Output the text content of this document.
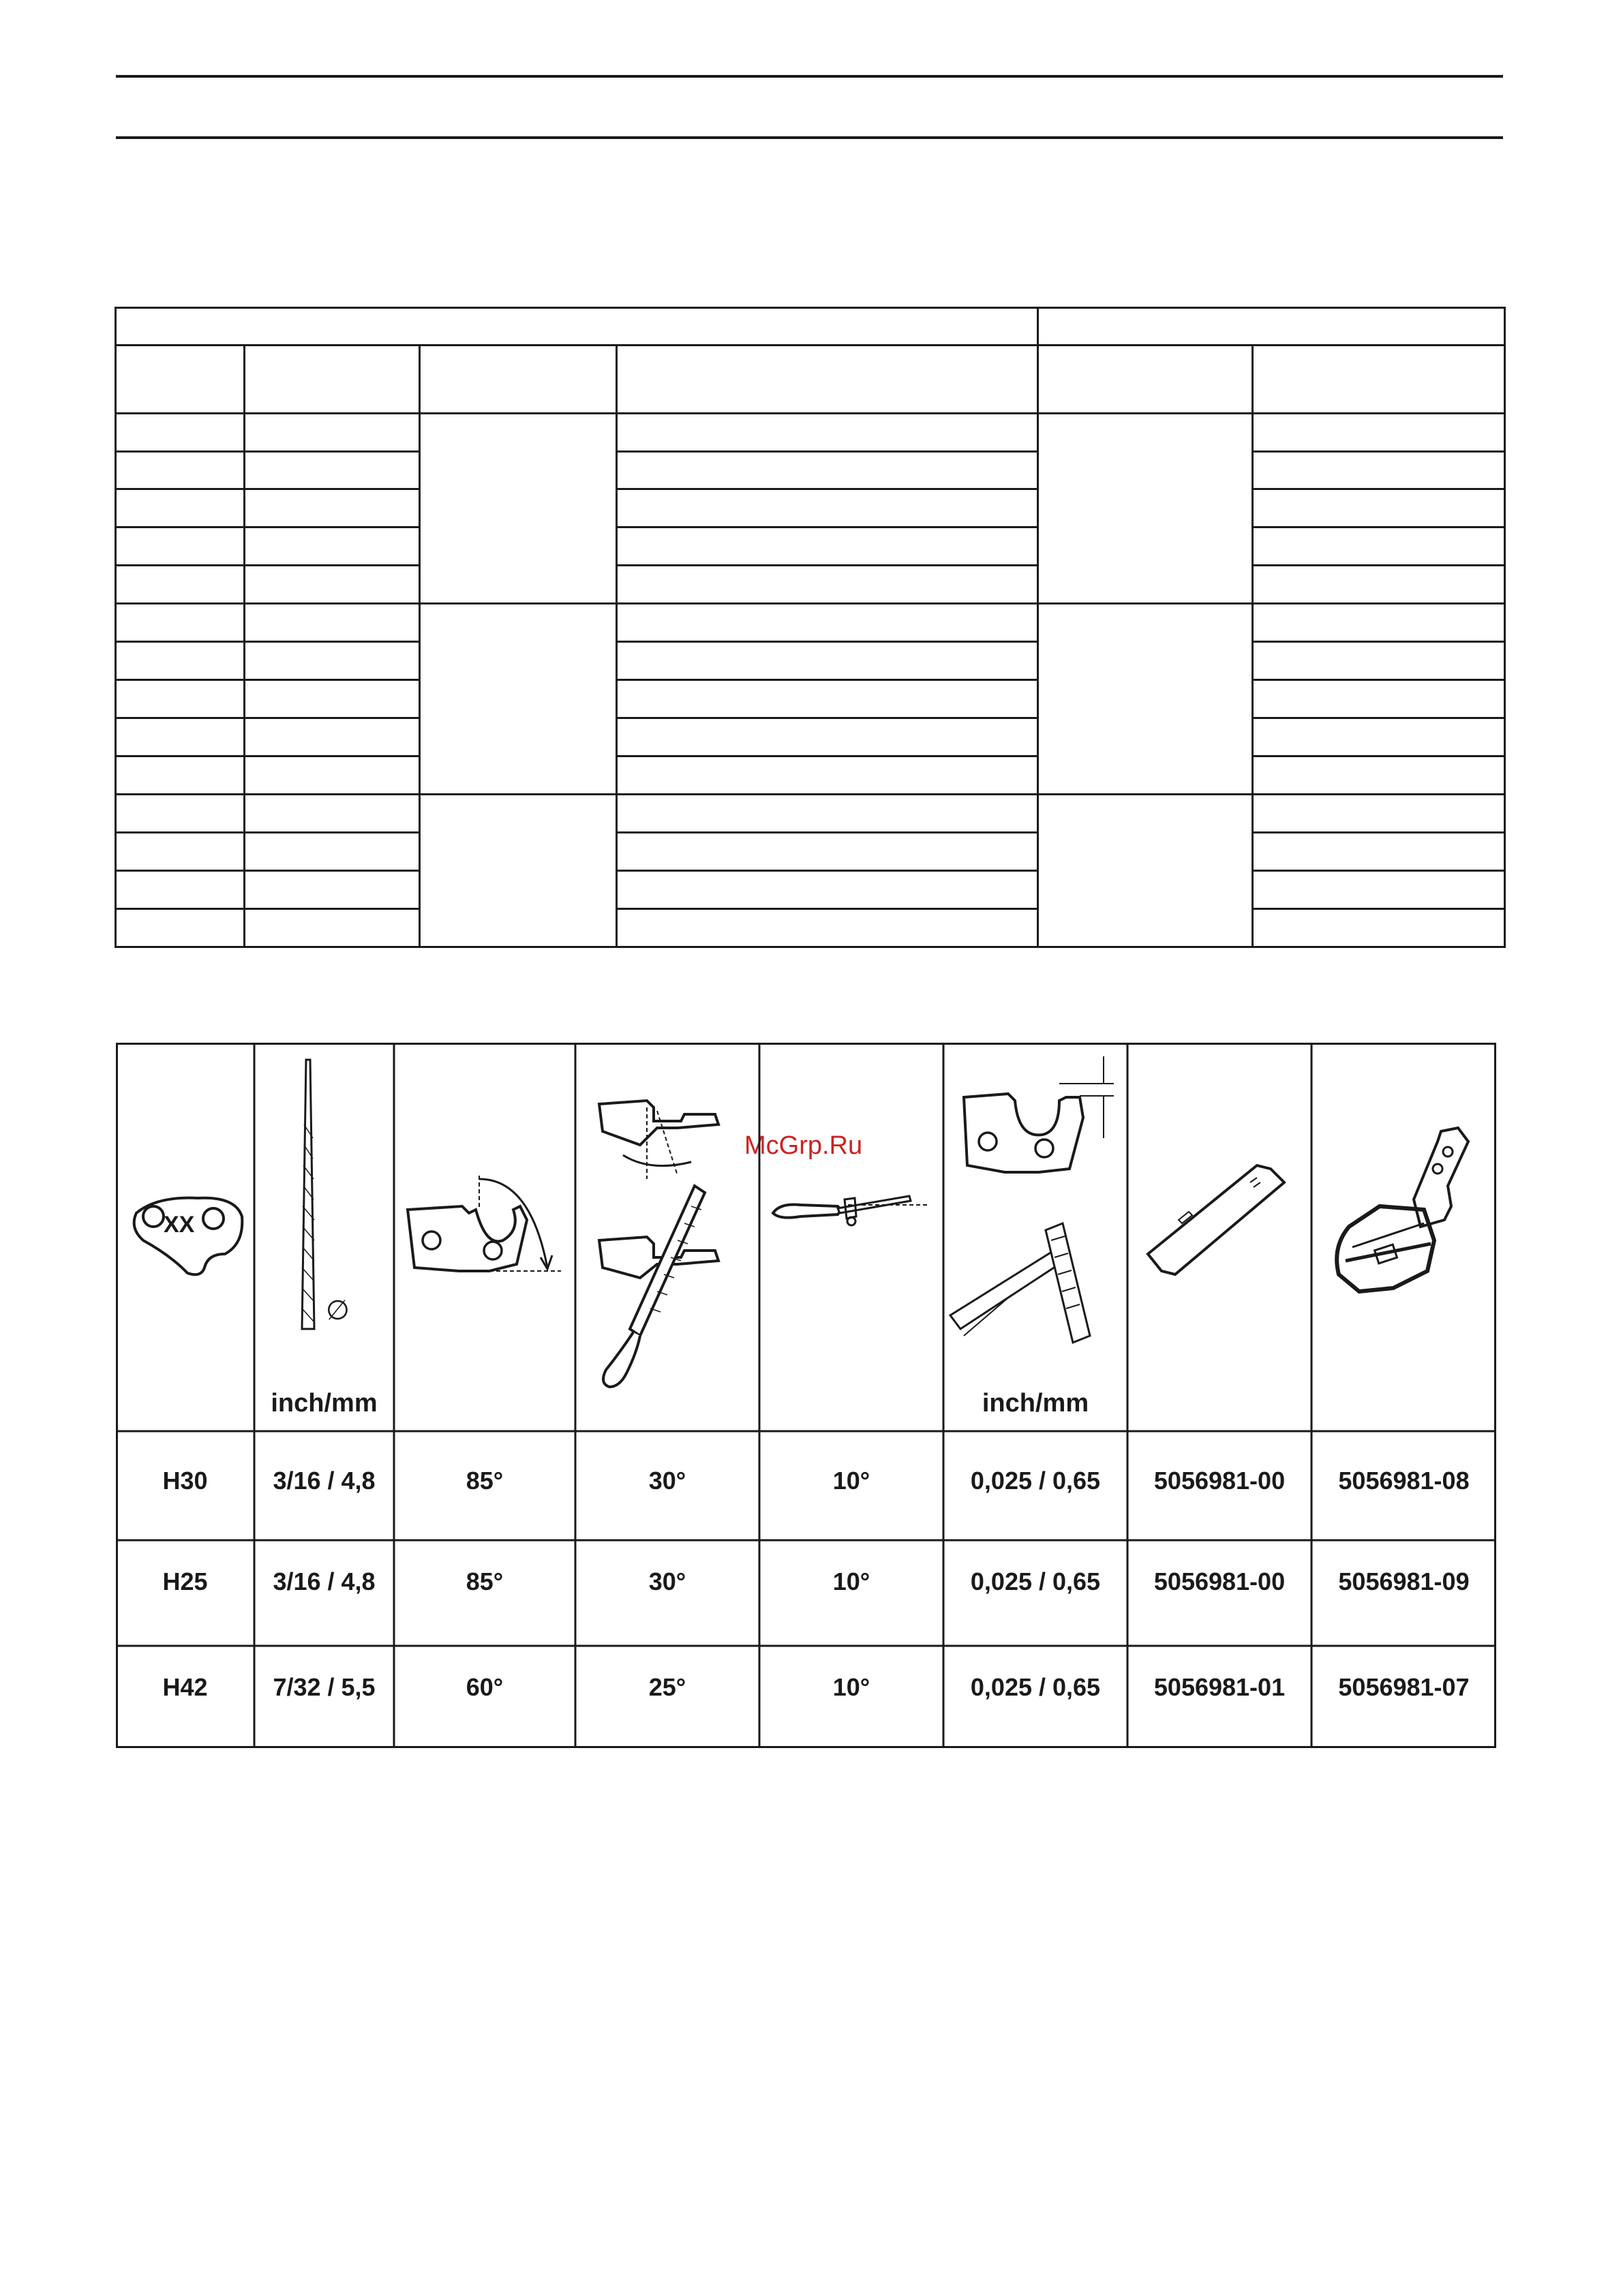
McGrp.Ru
XX
∅
inch/mm	inch/mm
H30	3/16 / 4,8	85°	30°	10°	0,025 / 0,65	5056981-00	5056981-08
H25	3/16 / 4,8	85°	30°	10°	0,025 / 0,65	5056981-00	5056981-09
H42	7/32 / 5,5	60°	25°	10°	0,025 / 0,65	5056981-01	5056981-07
